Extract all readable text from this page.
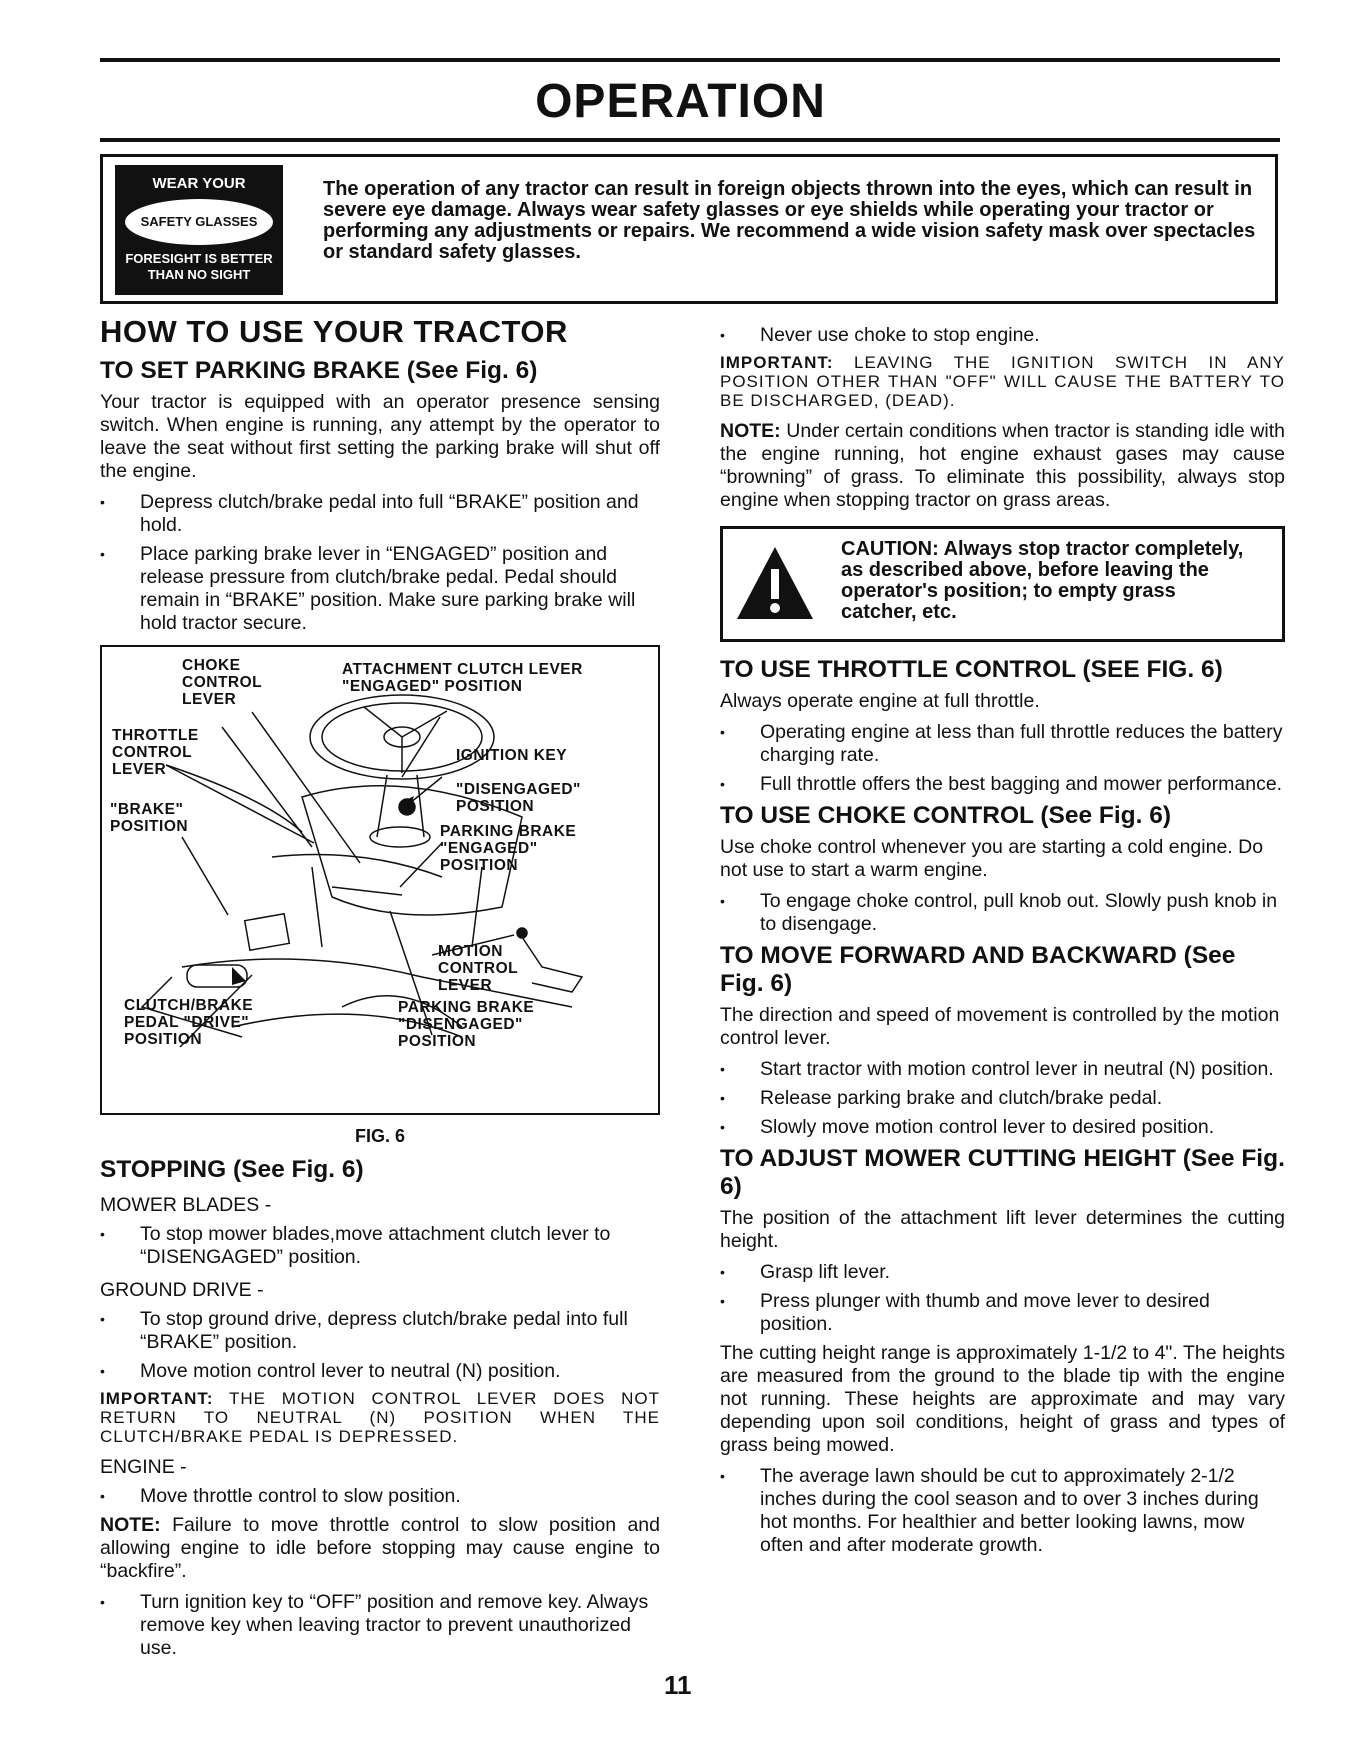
OPERATION
WEAR YOUR
SAFETY GLASSES
FORESIGHT IS BETTER THAN NO SIGHT
The operation of any tractor can result in foreign objects thrown into the eyes, which can result in severe eye damage. Always wear safety glasses or eye shields while operating your tractor or performing any adjustments or repairs. We recommend a wide vision safety mask over spectacles or standard safety glasses.
HOW TO USE YOUR TRACTOR
TO SET PARKING BRAKE (See Fig. 6)

Your tractor is equipped with an operator presence sensing switch. When engine is running, any attempt by the operator to leave the seat without first setting the parking brake will shut off the engine.

• Depress clutch/brake pedal into full “BRAKE” position and hold.
• Place parking brake lever in “ENGAGED” position and release pressure from clutch/brake pedal. Pedal should remain in “BRAKE” position. Make sure parking brake will hold tractor secure.
CHOKE
CONTROL
LEVER
ATTACHMENT CLUTCH LEVER
"ENGAGED" POSITION
THROTTLE
CONTROL
LEVER
IGNITION KEY
"DISENGAGED"
POSITION
"BRAKE"
POSITION	PARKING BRAKE
"ENGAGED"
POSITION
MOTION
CONTROL
LEVER
CLUTCH/BRAKE
PEDAL "DRIVE"
POSITION
PARKING BRAKE
"DISENGAGED"
POSITION
FIG. 6
STOPPING (See Fig. 6)

MOWER BLADES -

• To stop mower blades,move attachment clutch lever to “DISENGAGED” position.

GROUND DRIVE -

• To stop ground drive, depress clutch/brake pedal into full “BRAKE” position.
• Move motion control lever to neutral (N) position.

IMPORTANT: THE MOTION CONTROL LEVER DOES NOT RETURN TO NEUTRAL (N) POSITION WHEN THE CLUTCH/BRAKE PEDAL IS DEPRESSED.

ENGINE -

• Move throttle control to slow position.

NOTE: Failure to move throttle control to slow position and allowing engine to idle before stopping may cause engine to “backfire”.

• Turn ignition key to “OFF” position and remove key. Always remove key when leaving tractor to prevent unauthorized use.
• Never use choke to stop engine.

IMPORTANT: LEAVING THE IGNITION SWITCH IN ANY POSITION OTHER THAN "OFF" WILL CAUSE THE BATTERY TO BE DISCHARGED, (DEAD).

NOTE: Under certain conditions when tractor is standing idle with the engine running, hot engine exhaust gases may cause “browning” of grass. To eliminate this possibility, always stop engine when stopping tractor on grass areas.

CAUTION: Always stop tractor completely, as described above, before leaving the operator's position; to empty grass catcher, etc.
TO USE THROTTLE CONTROL (SEE FIG. 6)

Always operate engine at full throttle.

• Operating engine at less than full throttle reduces the battery charging rate.
• Full throttle offers the best bagging and mower performance.
TO USE CHOKE CONTROL (See Fig. 6)

Use choke control whenever you are starting a cold engine. Do not use to start a warm engine.

• To engage choke control, pull knob out. Slowly push knob in to disengage.
TO MOVE FORWARD AND BACKWARD (See Fig. 6)

The direction and speed of movement is controlled by the motion control lever.

• Start tractor with motion control lever in neutral (N) position.
• Release parking brake and clutch/brake pedal.
• Slowly move motion control lever to desired position.
TO ADJUST MOWER CUTTING HEIGHT (See Fig. 6)

The position of the attachment lift lever determines the cutting height.

• Grasp lift lever.
• Press plunger with thumb and move lever to desired position.

The cutting height range is approximately 1-1/2 to 4". The heights are measured from the ground to the blade tip with the engine not running. These heights are approximate and may vary depending upon soil conditions, height of grass and types of grass being mowed.

• The average lawn should be cut to approximately 2-1/2 inches during the cool season and to over 3 inches during hot months. For healthier and better looking lawns, mow often and after moderate growth.
11
